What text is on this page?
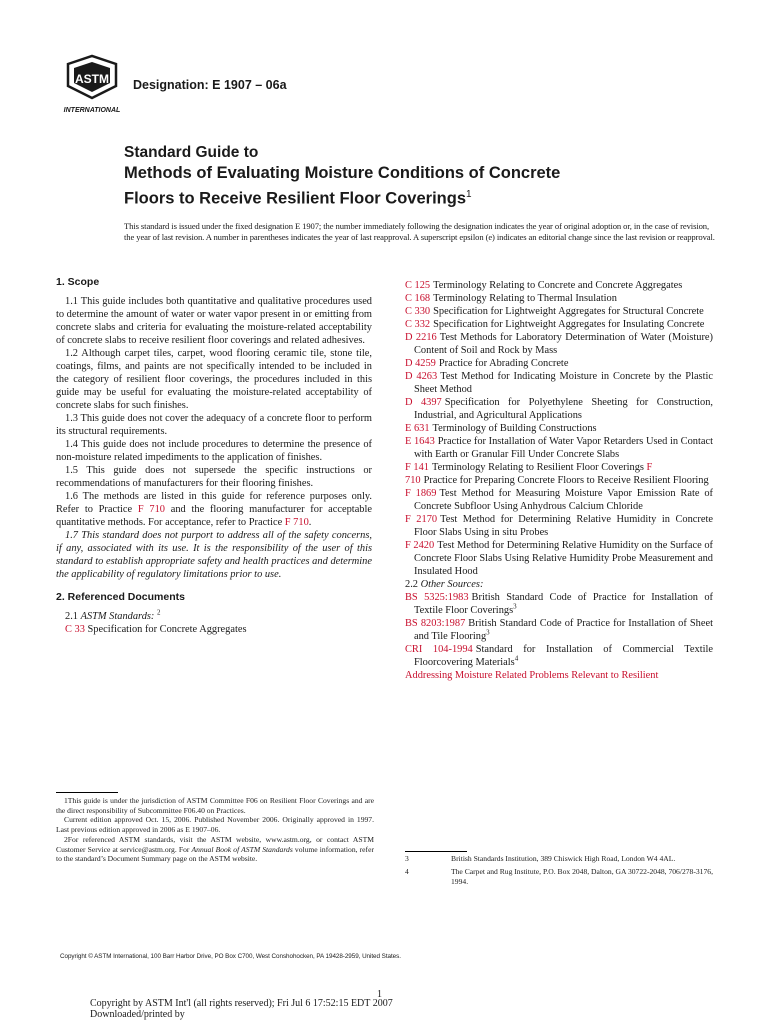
ASTM
INTERNATIONAL
Designation: E 1907 – 06a
Standard Guide to
Methods of Evaluating Moisture Conditions of Concrete
Floors to Receive Resilient Floor Coverings$^1$
This standard is issued under the fixed designation E 1907; the number immediately following the designation indicates the year of original adoption or, in the case of revision, the year of last revision. A number in parentheses indicates the year of last reapproval. A superscript epsilon (e) indicates an editorial change since the last revision or reapproval.
1. Scope

1.1 This guide includes both quantitative and qualitative procedures used to determine the amount of water or water vapor present in or emitting from concrete slabs and criteria for evaluating the moisture-related acceptability of concrete slabs to receive resilient floor coverings and related adhesives.

1.2 Although carpet tiles, carpet, wood flooring ceramic tile, stone tile, coatings, films, and paints are not specifically intended to be included in the category of resilient floor coverings, the procedures included in this guide may be useful for evaluating the moisture-related acceptability of concrete slabs for such finishes.

1.3 This guide does not cover the adequacy of a concrete floor to perform its structural requirements.

1.4 This guide does not include procedures to determine the presence of non-moisture related impediments to the application of finishes.

1.5 This guide does not supersede the specific instructions or recommendations of manufacturers for their flooring finishes.

1.6 The methods are listed in this guide for reference purposes only. Refer to Practice F 710 and the flooring manufacturer for acceptable quantitative methods. For acceptance, refer to Practice F 710.

1.7 This standard does not purport to address all of the safety concerns, if any, associated with its use. It is the responsibility of the user of this standard to establish appropriate safety and health practices and determine the applicability of regulatory limitations prior to use.

2. Referenced Documents

2.1 ASTM Standards: $^2$

C 33 Specification for Concrete Aggregates

C 125 Terminology Relating to Concrete and Concrete Aggregates

C 168 Terminology Relating to Thermal Insulation

C 330 Specification for Lightweight Aggregates for Structural Concrete

C 332 Specification for Lightweight Aggregates for Insulating Concrete

D 2216 Test Methods for Laboratory Determination of Water (Moisture) Content of Soil and Rock by Mass

D 4259 Practice for Abrading Concrete

D 4263 Test Method for Indicating Moisture in Concrete by the Plastic Sheet Method

D 4397 Specification for Polyethylene Sheeting for Construction, Industrial, and Agricultural Applications

E 631 Terminology of Building Constructions

E 1643 Practice for Installation of Water Vapor Retarders Used in Contact with Earth or Granular Fill Under Concrete Slabs

F 141 Terminology Relating to Resilient Floor Coverings F

710 Practice for Preparing Concrete Floors to Receive Resilient Flooring

F 1869 Test Method for Measuring Moisture Vapor Emission Rate of Concrete Subfloor Using Anhydrous Calcium Chloride

F 2170 Test Method for Determining Relative Humidity in Concrete Floor Slabs Using in situ Probes

F 2420 Test Method for Determining Relative Humidity on the Surface of Concrete Floor Slabs Using Relative Humidity Probe Measurement and Insulated Hood

2.2 Other Sources:

BS 5325:1983 British Standard Code of Practice for Installation of Textile Floor Coverings$^3$

BS 8203:1987 British Standard Code of Practice for Installation of Sheet and Tile Flooring$^3$

CRI 104-1994 Standard for Installation of Commercial Textile Floorcovering Materials$^4$

Addressing Moisture Related Problems Relevant to Resilient

1This guide is under the jurisdiction of ASTM Committee F06 on Resilient Floor Coverings and are the direct responsibility of Subcommittee F06.40 on Practices.

Current edition approved Oct. 15, 2006. Published November 2006. Originally approved in 1997. Last previous edition approved in 2006 as E 1907–06.

2For referenced ASTM standards, visit the ASTM website, www.astm.org, or contact ASTM Customer Service at service@astm.org. For Annual Book of ASTM Standards volume information, refer to the standard’s Document Summary page on the ASTM website.	3	British Standards Institution, 389 Chiswick High Road, London W4 4AL.
4	The Carpet and Rug Institute, P.O. Box 2048, Dalton, GA 30722-2048, 706/278-3176, 1994.
Copyright © ASTM International, 100 Barr Harbor Drive, PO Box C700, West Conshohocken, PA 19428-2959, United States.
1
Copyright by ASTM Int'l (all rights reserved); Fri Jul 6 17:52:15 EDT 2007
Downloaded/printed by
